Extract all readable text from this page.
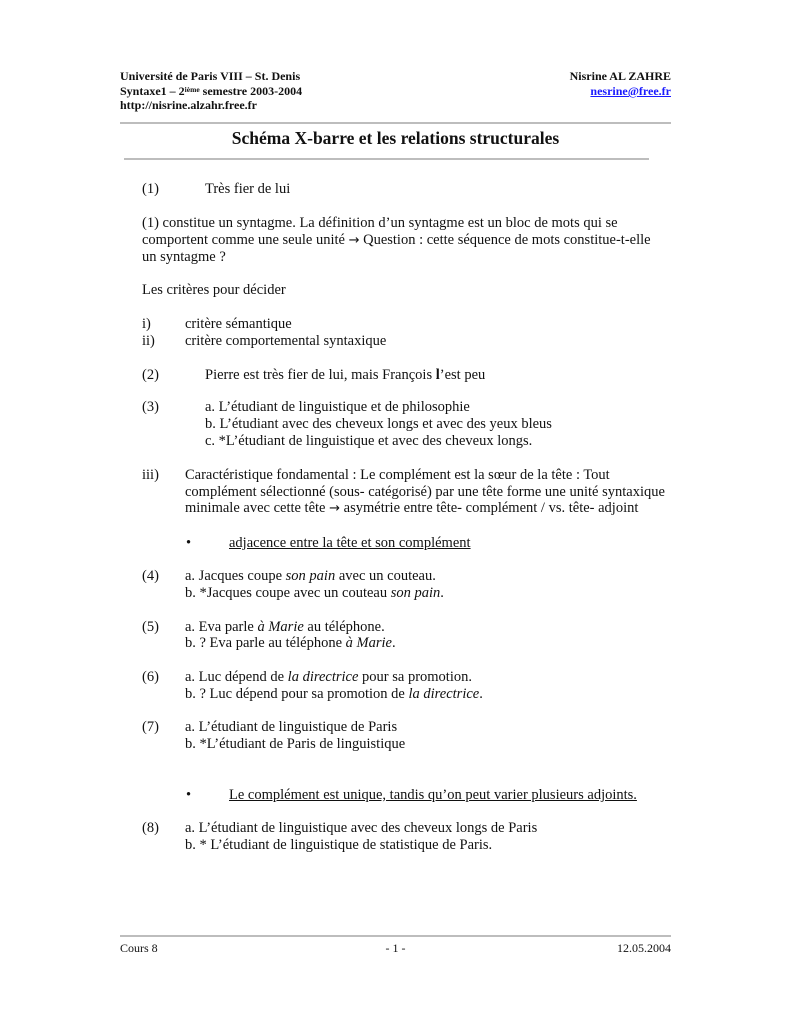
Université de Paris VIII – St. Denis
Syntaxe1 – 2ième semestre 2003-2004
http://nisrine.alzahr.free.fr
Nisrine AL ZAHRE
nesrine@free.fr
Schéma X-barre et les relations structurales
(1)	Très fier de lui
(1) constitue un syntagme. La définition d’un syntagme est un bloc de mots qui se
comportent comme une seule unité → Question : cette séquence de mots constitue-t-elle
un syntagme ?
Les critères pour décider
i) critère sémantique
ii) critère comportemental syntaxique
(2)	Pierre est très fier de lui, mais François l’est peu
(3)	a. L’étudiant de linguistique et de philosophie
b. L’étudiant avec des cheveux longs et avec des yeux bleus
c. *L’étudiant de linguistique et avec des cheveux longs.
iii) Caractéristique fondamental : Le complément est la sœur de la tête : Tout
complément sélectionné (sous- catégorisé) par une tête forme une unité syntaxique
minimale avec cette tête → asymétrie entre tête- complément / vs. tête- adjoint
•	adjacence entre la tête et son complément
(4) a. Jacques coupe son pain avec un couteau.
b. *Jacques coupe avec un couteau son pain.
(5) a. Eva parle à Marie au téléphone.
b. ? Eva parle au téléphone à Marie.
(6) a. Luc dépend de la directrice pour sa promotion.
b. ? Luc dépend pour sa promotion de la directrice.
(7) a. L’étudiant de linguistique de Paris
b. *L’étudiant de Paris de linguistique
•	Le complément est unique, tandis qu’on peut varier plusieurs adjoints.
(8) a. L’étudiant de linguistique avec des cheveux longs de Paris
b. * L’étudiant de linguistique de statistique de Paris.
Cours 8	- 1 -	12.05.2004
